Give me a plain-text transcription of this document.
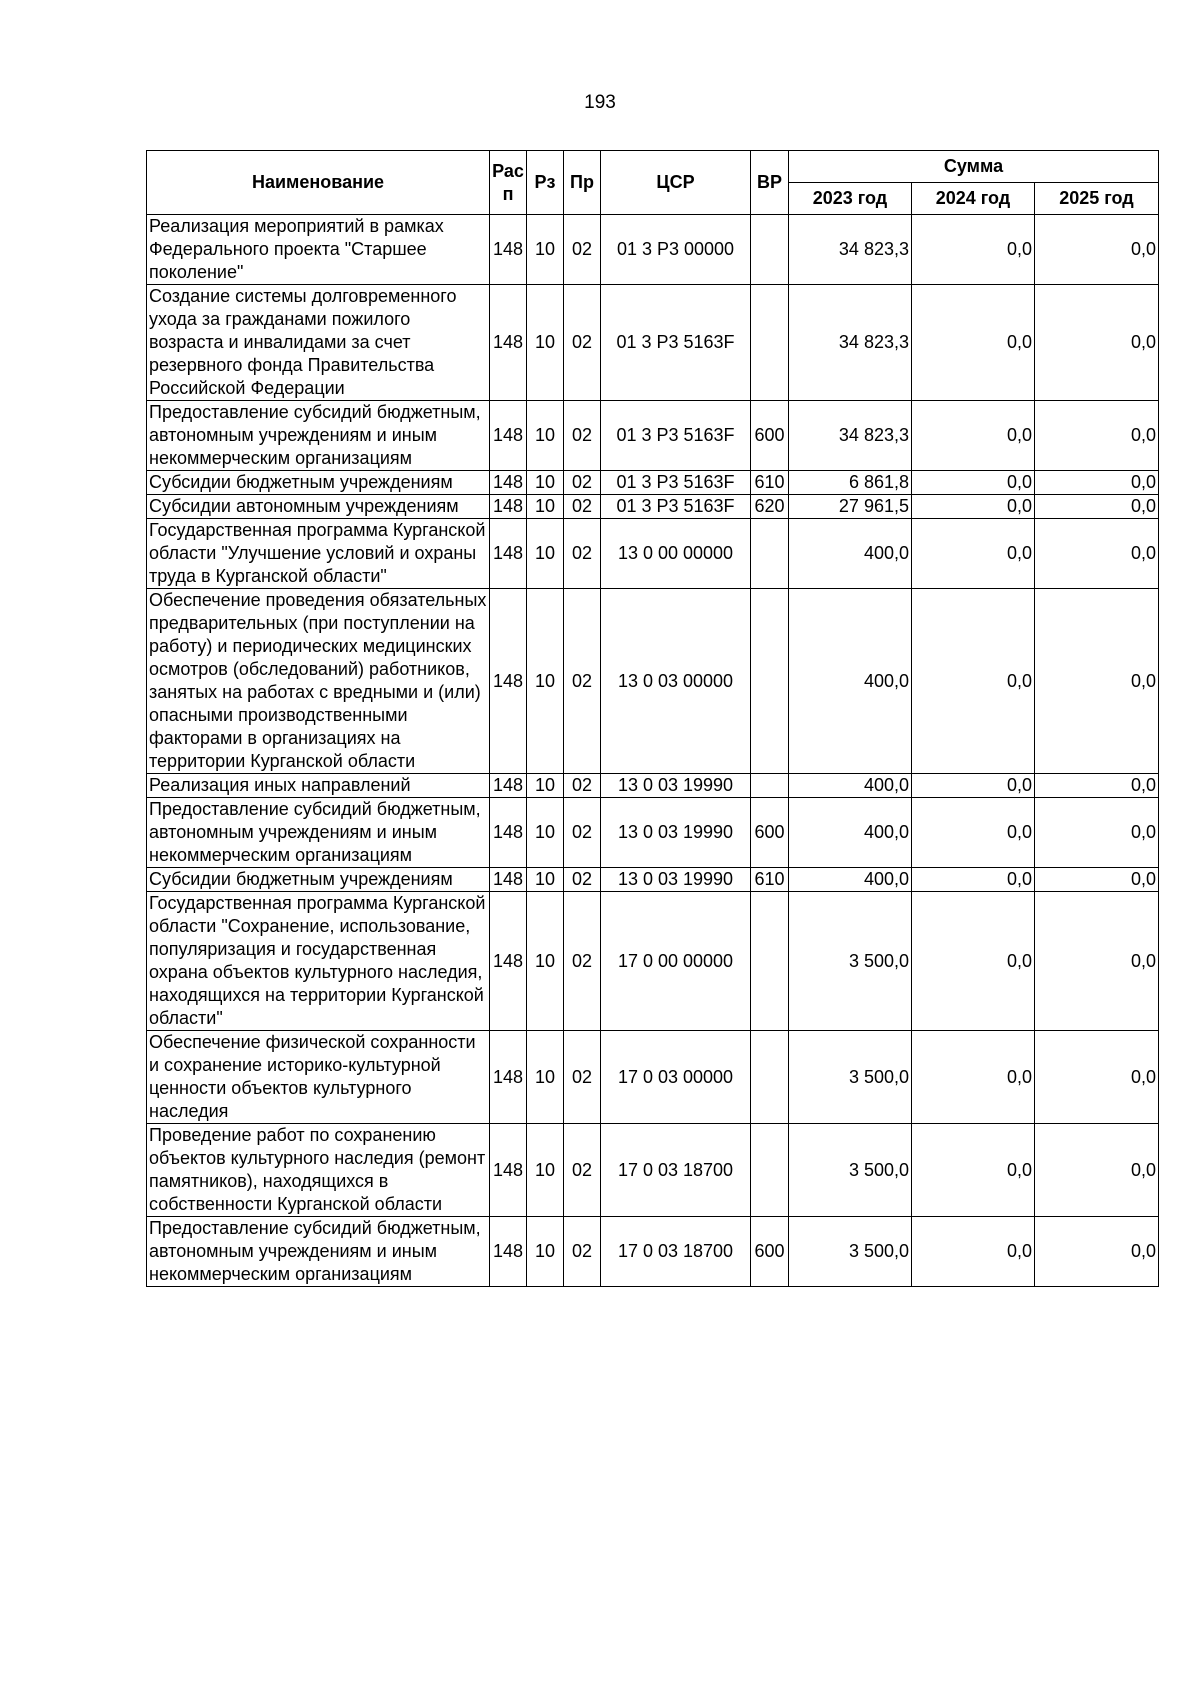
193
Наименование	Рас п	Рз	Пр	ЦСР	ВР	Сумма		
						2023 год	2024 год	2025 год
Реализация мероприятий в рамках Федерального проекта "Старшее поколение"	148	10	02	01 3 P3 00000		34 823,3	0,0	0,0
Создание системы долговременного ухода за гражданами пожилого возраста и инвалидами за счет резервного фонда Правительства Российской Федерации	148	10	02	01 3 P3 5163F		34 823,3	0,0	0,0
Предоставление субсидий бюджетным, автономным учреждениям и иным некоммерческим организациям	148	10	02	01 3 P3 5163F	600	34 823,3	0,0	0,0
Субсидии бюджетным учреждениям	148	10	02	01 3 P3 5163F	610	6 861,8	0,0	0,0
Субсидии автономным учреждениям	148	10	02	01 3 P3 5163F	620	27 961,5	0,0	0,0
Государственная программа Курганской области "Улучшение условий и охраны труда в Курганской области"	148	10	02	13 0 00 00000		400,0	0,0	0,0
Обеспечение проведения обязательных предварительных (при поступлении на работу) и периодических медицинских осмотров (обследований) работников, занятых на работах с вредными и (или) опасными производственными факторами в организациях на территории Курганской области	148	10	02	13 0 03 00000		400,0	0,0	0,0
Реализация иных направлений	148	10	02	13 0 03 19990		400,0	0,0	0,0
Предоставление субсидий бюджетным, автономным учреждениям и иным некоммерческим организациям	148	10	02	13 0 03 19990	600	400,0	0,0	0,0
Субсидии бюджетным учреждениям	148	10	02	13 0 03 19990	610	400,0	0,0	0,0
Государственная программа Курганской области "Сохранение, использование, популяризация и государственная охрана объектов культурного наследия, находящихся на территории Курганской области"	148	10	02	17 0 00 00000		3 500,0	0,0	0,0
Обеспечение физической сохранности и сохранение историко-культурной ценности объектов культурного наследия	148	10	02	17 0 03 00000		3 500,0	0,0	0,0
Проведение работ по сохранению объектов культурного наследия (ремонт памятников), находящихся в собственности Курганской области	148	10	02	17 0 03 18700		3 500,0	0,0	0,0
Предоставление субсидий бюджетным, автономным учреждениям и иным некоммерческим организациям	148	10	02	17 0 03 18700	600	3 500,0	0,0	0,0
